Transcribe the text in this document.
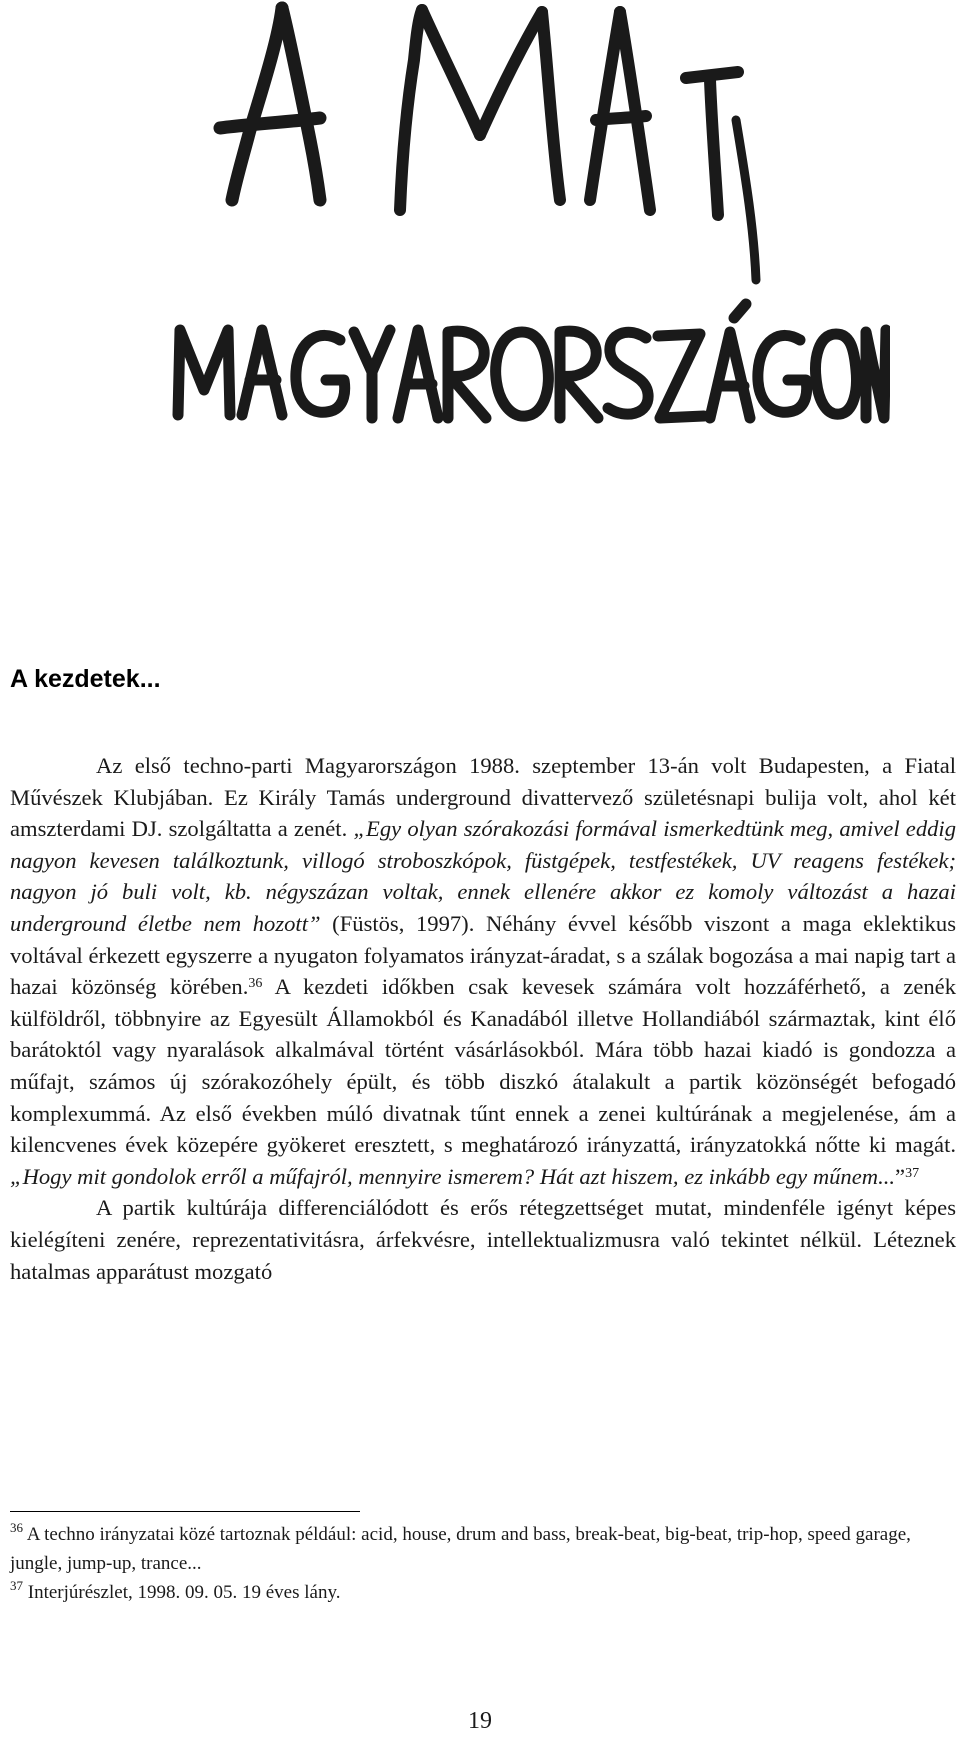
A kezdetek...

Az első techno-parti Magyarországon 1988. szeptember 13-án volt Budapesten, a Fiatal Művészek Klubjában. Ez Király Tamás underground divattervező születésnapi bulija volt, ahol két amszterdami DJ. szolgáltatta a zenét. „Egy olyan szórakozási formával ismerkedtünk meg, amivel eddig nagyon kevesen találkoztunk, villogó stroboszkópok, füstgépek, testfestékek, UV reagens festékek; nagyon jó buli volt, kb. négyszázan voltak, ennek ellenére akkor ez komoly változást a hazai underground életbe nem hozott” (Füstös, 1997). Néhány évvel később viszont a maga eklektikus voltával érkezett egyszerre a nyugaton folyamatos irányzat-áradat, s a szálak bogozása a mai napig tart a hazai közönség körében.$^{36}$ A kezdeti időkben csak kevesek számára volt hozzáférhető, a zenék külföldről, többnyire az Egyesült Államokból és Kanadából illetve Hollandiából származtak, kint élő barátoktól vagy nyaralások alkalmával történt vásárlásokból. Mára több hazai kiadó is gondozza a műfajt, számos új szórakozóhely épült, és több diszkó átalakult a partik közönségét befogadó komplexummá. Az első években múló divatnak tűnt ennek a zenei kultúrának a megjelenése, ám a kilencvenes évek közepére gyökeret eresztett, s meghatározó irányzattá, irányzatokká nőtte ki magát. „Hogy mit gondolok erről a műfajról, mennyire ismerem? Hát azt hiszem, ez inkább egy műnem...”$^{37}$

A partik kultúrája differenciálódott és erős rétegzettséget mutat, mindenféle igényt képes kielégíteni zenére, reprezentativitásra, árfekvésre, intellektualizmusra való tekintet nélkül. Léteznek hatalmas apparátust mozgató

$^{36}$ A techno irányzatai közé tartoznak például: acid, house, drum and bass, break-beat, big-beat, trip-hop, speed garage, jungle, jump-up, trance...

$^{37}$ Interjúrészlet, 1998. 09. 05. 19 éves lány.

19
